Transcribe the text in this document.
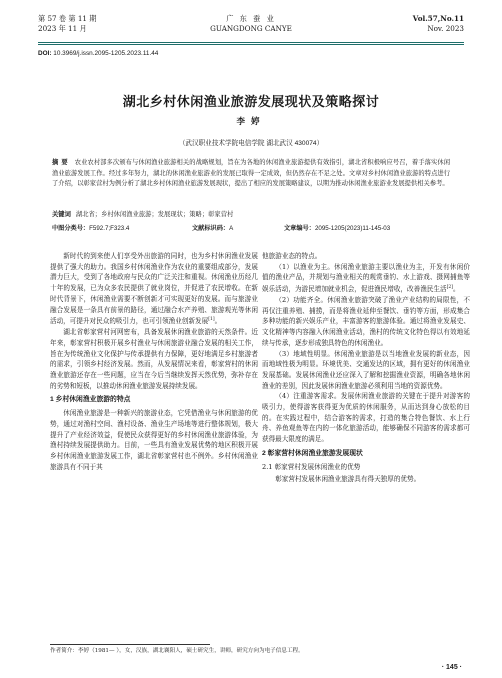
第 57 卷 第 11 期
2023 年 11 月
广 东 蚕 业
GUANGDONG CANYE
Vol.57,No.11
Nov. 2023
DOI: 10.3969/j.issn.2095-1205.2023.11.44
湖北乡村休闲渔业旅游发展现状及策略探讨
李婷
（武汉职业技术学院电信学院 湖北武汉 430074）
摘要 农业农村部多次颁布与休闲渔业旅游相关的战略规划，旨在为各地的休闲渔业旅游提供有效指引，湖北省积极响应号召，着手落实休闲渔业旅游发展工作。经过多年努力，湖北的休闲渔业旅游业的发展已取得一定成效，但仍然存在不足之处。文章对乡村休闲渔业旅游的特点进行了介绍，以彰家营村为例分析了湖北乡村休闲渔业旅游发展现状，提出了相应的发展策略建议，以期为推动休闲渔业旅游业发展提供相关参考。
关键词 湖北省；乡村休闲渔业旅游；发展现状；策略；彰家营村
中图分类号：F592.7;F323.4	文献标识码：A	文章编号：2095-1205(2023)11-145-03

新时代的到来使人们享受外出旅游的同时，也为乡村休闲渔业发展提供了强大的助力。我国乡村休闲渔业作为农业的重要组成部分，发展潜力巨大，受到了各地政府与民众的广泛关注和重视。休闲渔业历经几十年的发展，已为众多农民提供了就业岗位，并促进了农民增收。在新时代背景下，休闲渔业需要不断创新才可实现更好的发展。而与旅游业融合发展是一条具有前景的路径，通过融合水产养殖、旅游观光等休闲活动，可提升对民众的吸引力，也可引领渔业创新发展[1]。

湖北省彰家营村河网密布，具备发展休闲渔业旅游的天然条件。近年来，彰家营村积极开展乡村渔业与休闲旅游业融合发展的相关工作，旨在为传统渔业文化保护与传承提供有力保障，更好地满足乡村旅游者的需求，引领乡村经济发展。然而，从发展情况来看，彰家营村的休闲渔业旅游还存在一些问题，应当在今后当继续发挥天然优势，弥补存在的劣势和短板，以推动休闲渔业旅游发展持续发展。

1 乡村休闲渔业旅游的特点

休闲渔业旅游是一种新兴的旅游业态，它凭借渔业与休闲旅游的优势，通过对渔村空间、渔村设备、渔业生产场地等进行整体规划，极大提升了产业经济效益，促使民众获得更好的乡村休闲渔业旅游体验，为渔村持续发展提供助力。目前，一些具有渔业发展优势的地区积极开展乡村休闲渔业旅游发展工作，湖北省彰家营村也不例外。乡村休闲渔业旅游具有不同于其

他旅游业态的特点。

（1）以渔业为主。休闲渔业旅游主要以渔业为主，开发有休闲价值的渔业产品，并规划与渔业相关的观赏垂钓、水上游戏、摄网捕鱼等娱乐活动，为游民增加就业机会，促进渔民增收，改善渔民生活[2]。

（2）功能齐全。休闲渔业旅游突破了渔业产业结构的局限性，不再仅注重养殖、捕捞，而是将渔业延伸至餐饮、垂钓等方面，形成集合多种功能的新兴娱乐产业，丰富游客的旅游体验。通过将渔业发展史、文化精神等内容融入休闲渔业活动，渔村的传统文化特色得以有效地延续与传承，逐步形成独具特色的休闲渔业。

（3）地域性明显。休闲渔业旅游是以当地渔业发展的新业态，因而地域性极为明显。环境优美、交通发达的区域，拥有更好的休闲渔业发展基础。发展休闲渔业还应深入了解和挖掘渔业资源，明确各地休闲渔业的差别，因此发展休闲渔业旅游必须利用当地的资源优势。

（4）注重游客需求。发展休闲渔业旅游的关键在于提升对游客的吸引力，使得游客获得更为优质的休闲服务，从而达到身心放松的目的。在实践过程中，结合游客的需求，打造的集合特色餐饮、水上行舟、养鱼观鱼等在内的一体化旅游活动，能够确保不同游客的需求都可获得最大限度的满足。

2 彰家营村休闲渔业旅游发展现状
2.1 彰家营村发展休闲渔业的优势

彰家营村发展休闲渔业旅游具有得天独厚的优势。

作者简介：李婷（1981— ），女，汉族，湖北襄阳人，硕士研究生，讲师，研究方向为电子信息工程。
· 145 ·
